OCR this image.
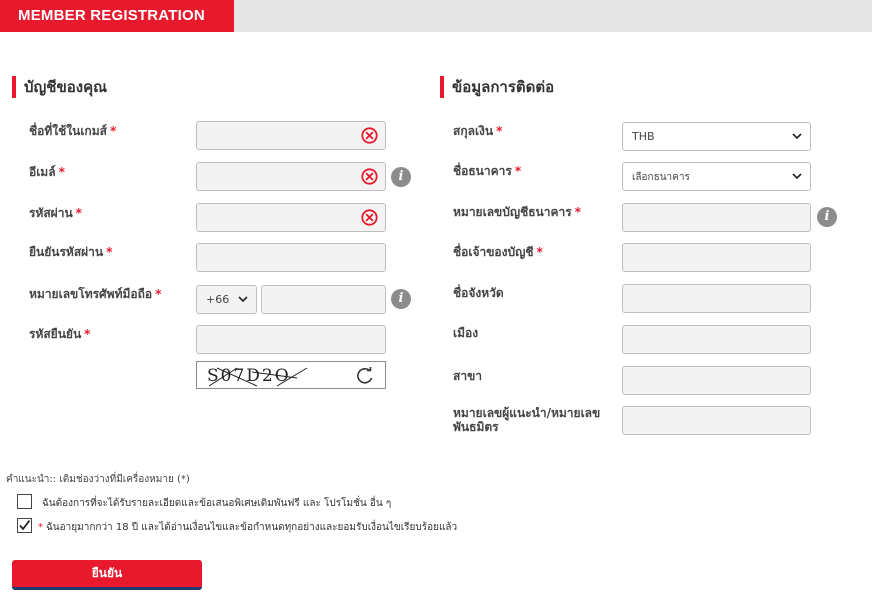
MEMBER REGISTRATION
บัญชีของคุณ	ข้อมูลการติดต่อ
ชื่อที่ใช้ในเกมส์ *
อีเมล์ *	i
รหัสผ่าน *
ยืนยันรหัสผ่าน *
หมายเลขโทรศัพท์มือถือ *	+66	i
รหัสยืนยัน *
S07D2O
สกุลเงิน *	THB
ชื่อธนาคาร *	เลือกธนาคาร
หมายเลขบัญชีธนาคาร *	i
ชื่อเจ้าของบัญชี *
ชื่อจังหวัด
เมือง
สาขา
หมายเลขผู้แนะนำ/หมายเลขพันธมิตร
คำแนะนำ:: เติมช่องว่างที่มีเครื่องหมาย (*)
ฉันต้องการที่จะได้รับรายละเอียดและข้อเสนอพิเศษเดิมพันฟรี และ โปรโมชั่น อื่น ๆ
* ฉันอายุมากกว่า 18 ปี และได้อ่านเงื่อนไขและข้อกำหนดทุกอย่างและยอมรับเงื่อนไขเรียบร้อยแล้ว
ยืนยัน
